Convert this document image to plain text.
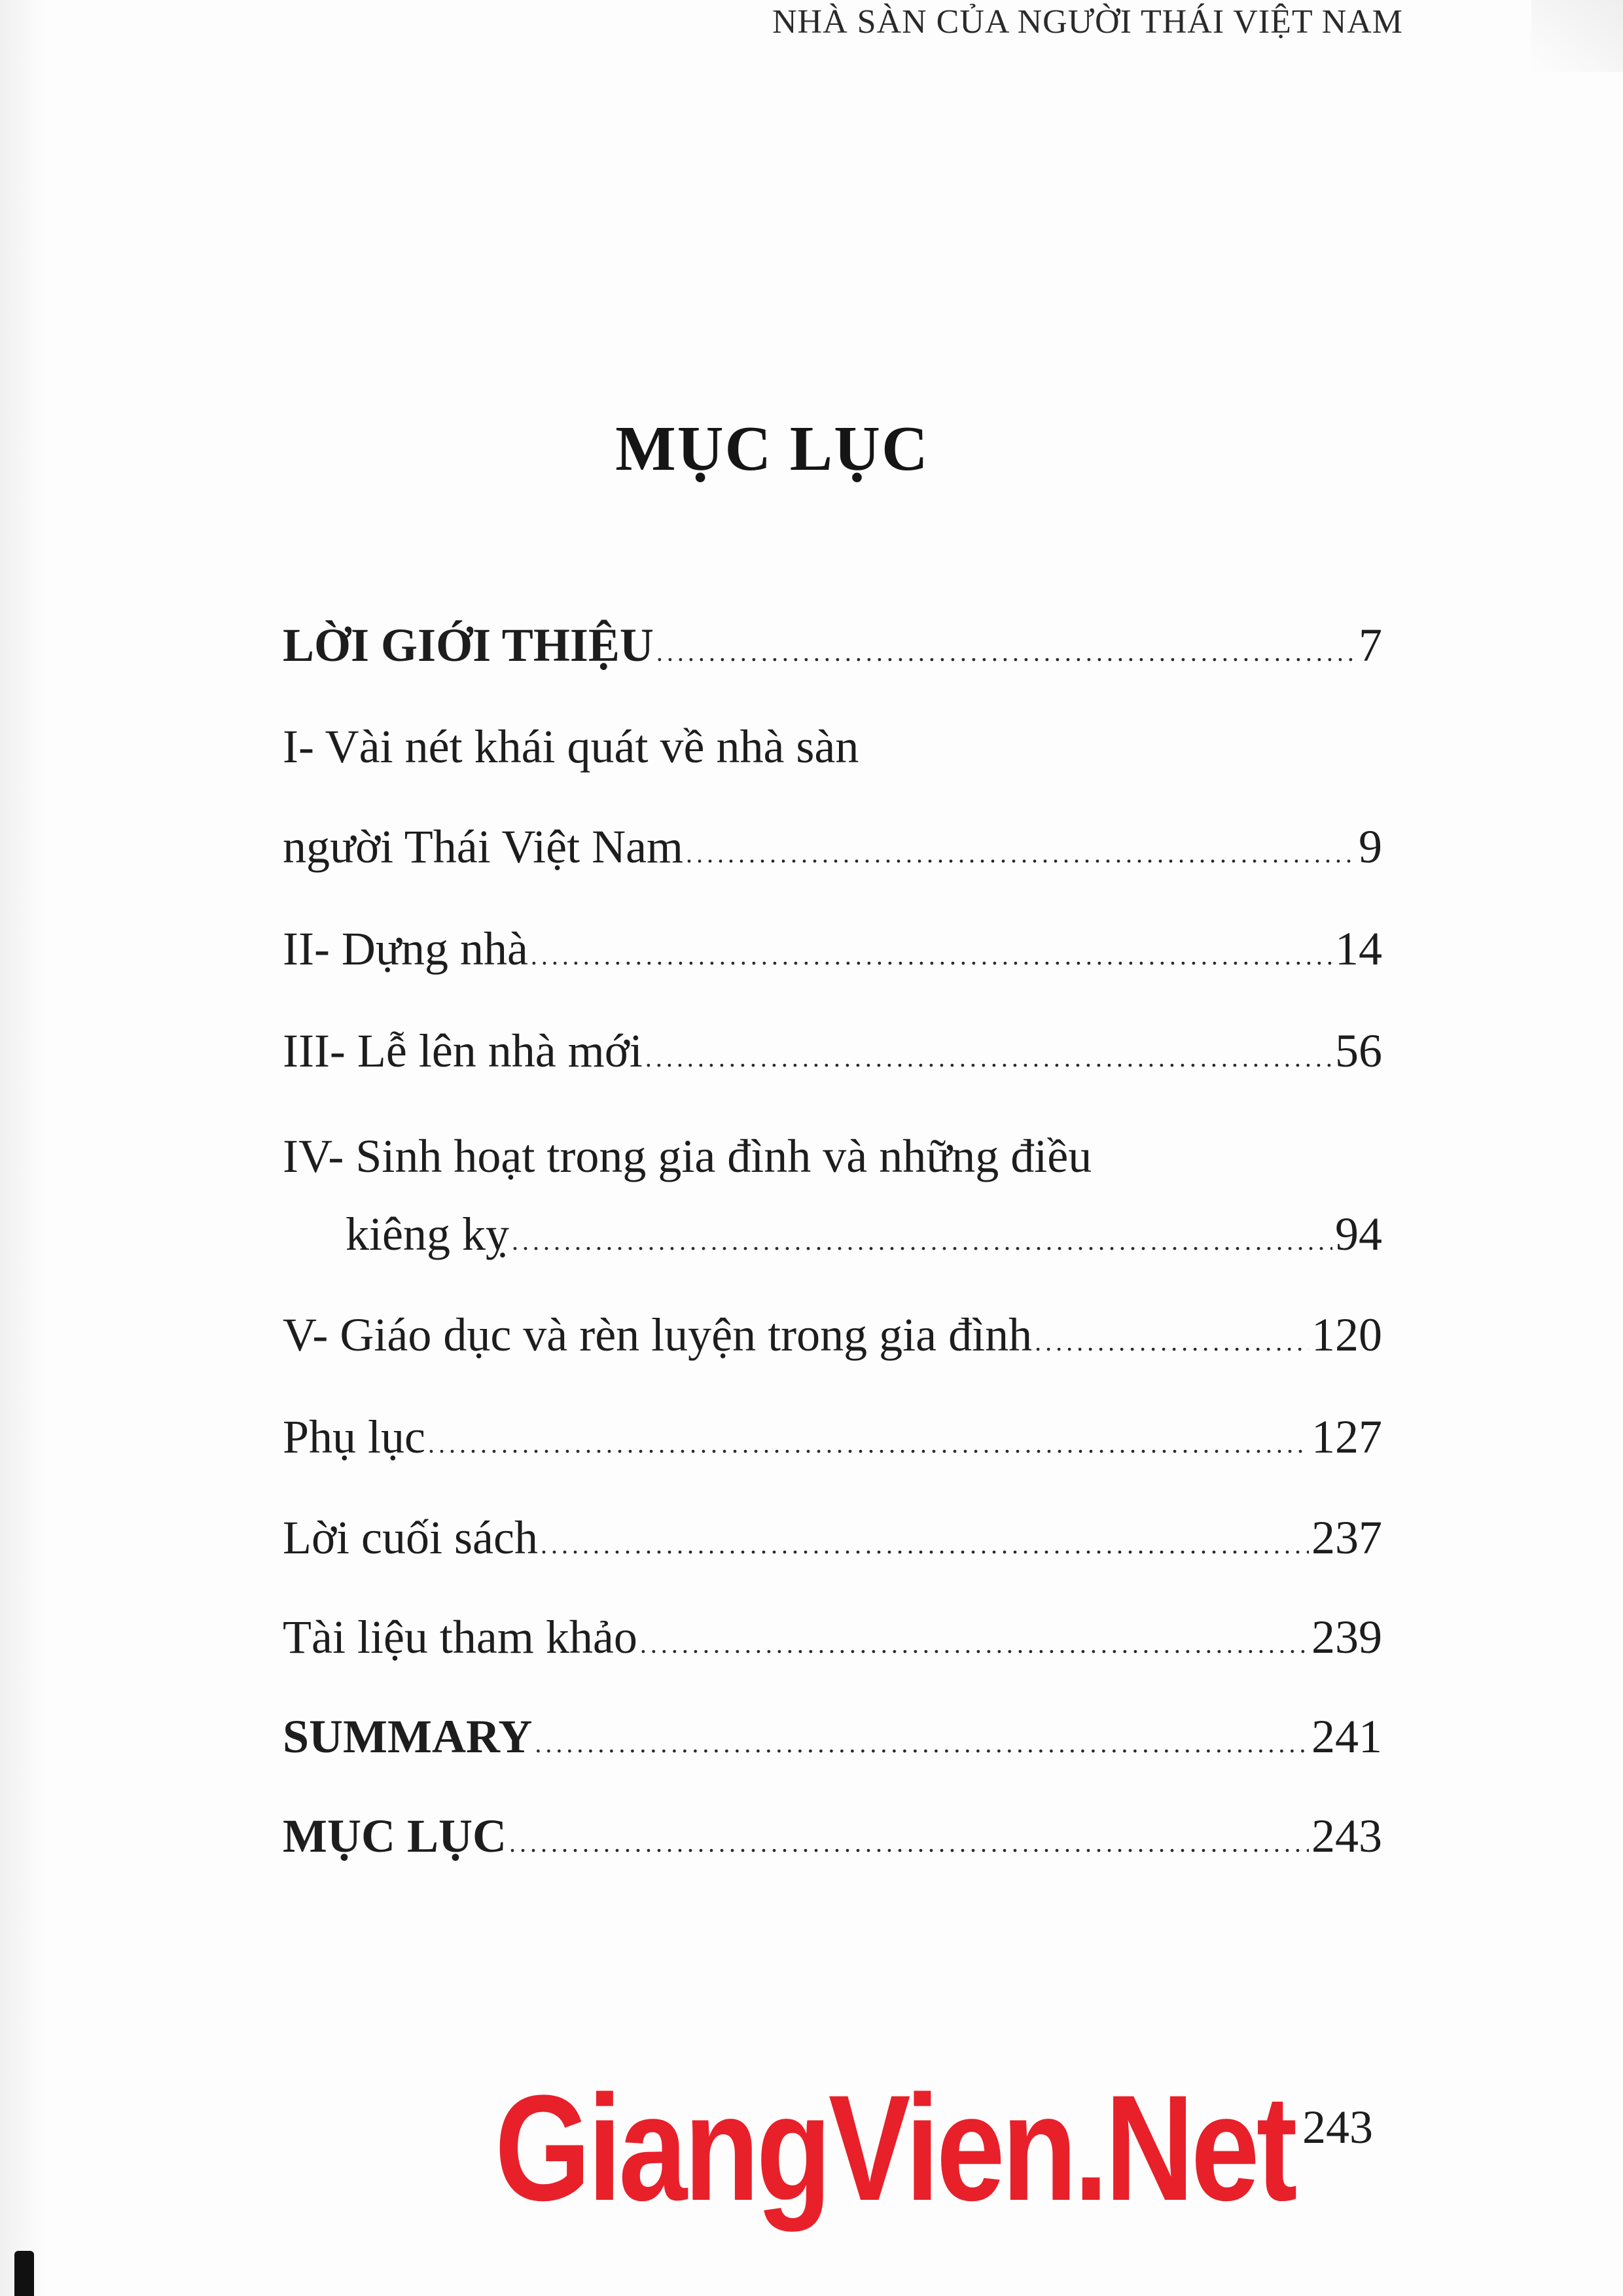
NHÀ SÀN CỦA NGƯỜI THÁI VIỆT NAM
MỤC LỤC
LỜI GIỚI THIỆU . . .	7
I- Vài nét khái quát về nhà sàn
người Thái Việt Nam . . .	9
II- Dựng nhà . . .	14
III- Lễ lên nhà mới . . .	56
IV- Sinh hoạt trong gia đình và những điều
kiêng kỵ . . .	94
V- Giáo dục và rèn luyện trong gia đình . . .	120
Phụ lục . . .	127
Lời cuối sách . . .	237
Tài liệu tham khảo . . .	239
SUMMARY . . .	241
MỤC LỤC . . .	243
GiangVien.Net 243
